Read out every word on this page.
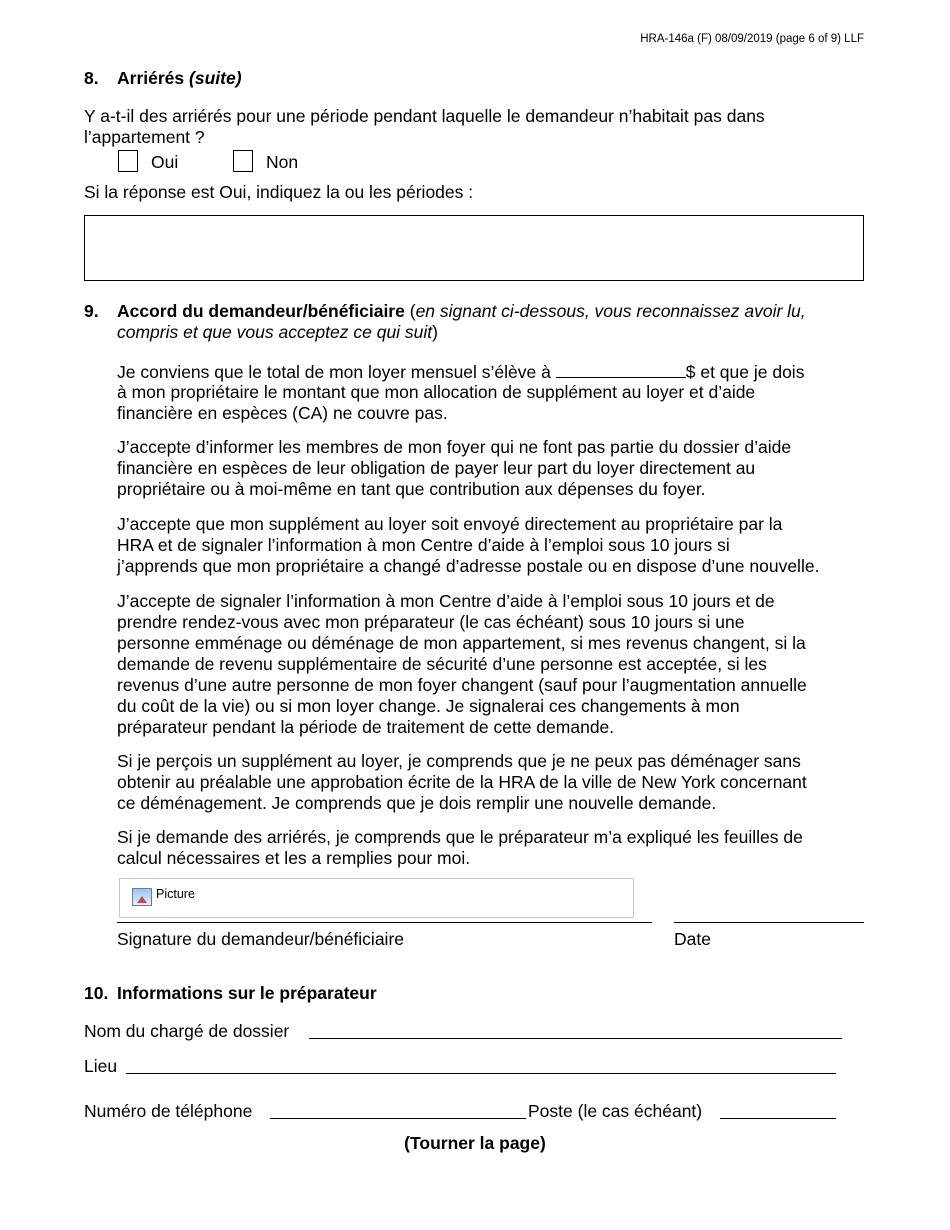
HRA-146a (F) 08/09/2019 (page 6 of 9) LLF
8. Arriérés (suite)
Y a-t-il des arriérés pour une période pendant laquelle le demandeur n’habitait pas dans
l’appartement ?
Oui	Non
Si la réponse est Oui, indiquez la ou les périodes :
9. Accord du demandeur/bénéficiaire (en signant ci-dessous, vous reconnaissez avoir lu,
compris et que vous acceptez ce qui suit)
Je conviens que le total de mon loyer mensuel s’élève à	$ et que je dois
à mon propriétaire le montant que mon allocation de supplément au loyer et d’aide
financière en espèces (CA) ne couvre pas.
J’accepte d’informer les membres de mon foyer qui ne font pas partie du dossier d’aide
financière en espèces de leur obligation de payer leur part du loyer directement au
propriétaire ou à moi-même en tant que contribution aux dépenses du foyer.
J’accepte que mon supplément au loyer soit envoyé directement au propriétaire par la
HRA et de signaler l’information à mon Centre d’aide à l’emploi sous 10 jours si
j’apprends que mon propriétaire a changé d’adresse postale ou en dispose d’une nouvelle.
J’accepte de signaler l’information à mon Centre d’aide à l’emploi sous 10 jours et de
prendre rendez-vous avec mon préparateur (le cas échéant) sous 10 jours si une
personne emménage ou déménage de mon appartement, si mes revenus changent, si la
demande de revenu supplémentaire de sécurité d’une personne est acceptée, si les
revenus d’une autre personne de mon foyer changent (sauf pour l’augmentation annuelle
du coût de la vie) ou si mon loyer change. Je signalerai ces changements à mon
préparateur pendant la période de traitement de cette demande.
Si je perçois un supplément au loyer, je comprends que je ne peux pas déménager sans
obtenir au préalable une approbation écrite de la HRA de la ville de New York concernant
ce déménagement. Je comprends que je dois remplir une nouvelle demande.
Si je demande des arriérés, je comprends que le préparateur m’a expliqué les feuilles de
calcul nécessaires et les a remplies pour moi.
Picture
Signature du demandeur/bénéficiaire	Date
10. Informations sur le préparateur
Nom du chargé de dossier
Lieu
Numéro de téléphone	Poste (le cas échéant)
(Tourner la page)
